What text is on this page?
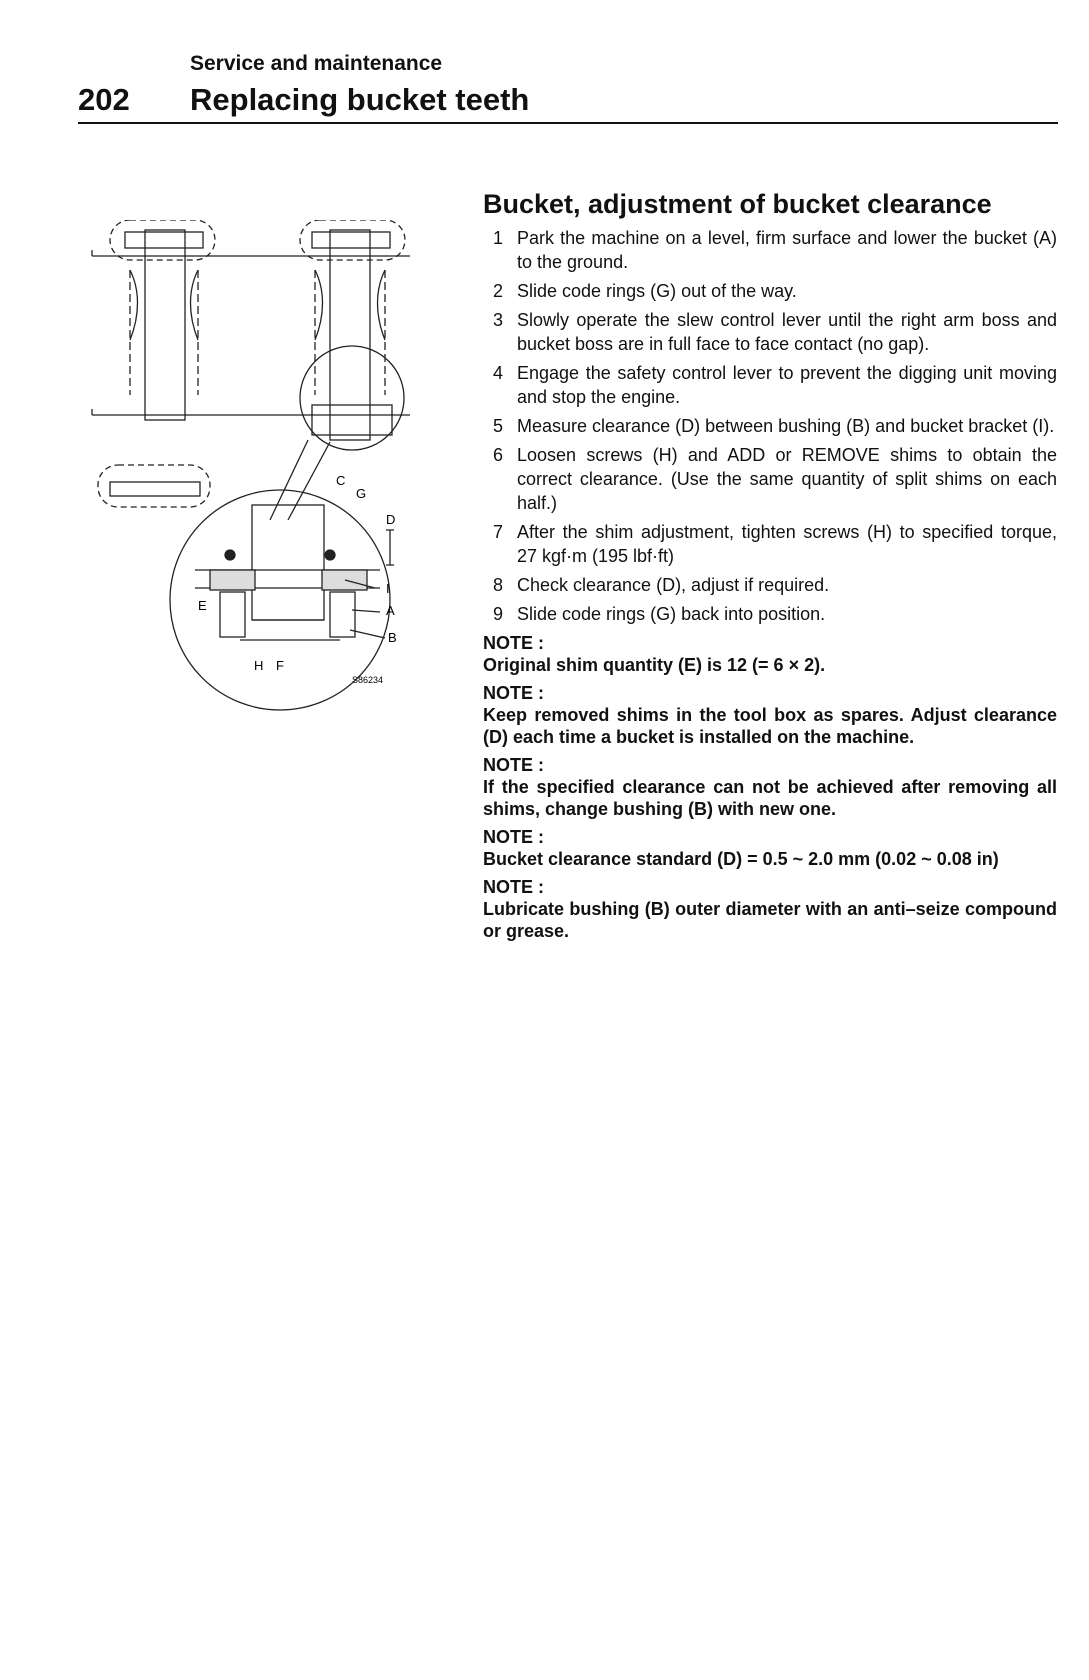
Service and maintenance
202 Replacing bucket teeth
C
G
D
I
A
B
E
H F
S86234
Bucket, adjustment of bucket clearance
1 Park the machine on a level, firm surface and lower the bucket (A) to the ground.
2 Slide code rings (G) out of the way.
3 Slowly operate the slew control lever until the right arm boss and bucket boss are in full face to face contact (no gap).
4 Engage the safety control lever to prevent the digging unit moving and stop the engine.
5 Measure clearance (D) between bushing (B) and bucket bracket (I).
6 Loosen screws (H) and ADD or REMOVE shims to obtain the correct clearance. (Use the same quantity of split shims on each half.)
7 After the shim adjustment, tighten screws (H) to specified torque, 27 kgf·m (195 lbf·ft)
8 Check clearance (D), adjust if required.
9 Slide code rings (G) back into position.
NOTE :
Original shim quantity (E) is 12 (= 6 × 2).
NOTE :
Keep removed shims in the tool box as spares. Adjust clearance (D) each time a bucket is installed on the machine.
NOTE :
If the specified clearance can not be achieved after removing all shims, change bushing (B) with new one.
NOTE :
Bucket clearance standard (D) = 0.5 ~ 2.0 mm (0.02 ~ 0.08 in)
NOTE :
Lubricate bushing (B) outer diameter with an anti–seize compound or grease.
